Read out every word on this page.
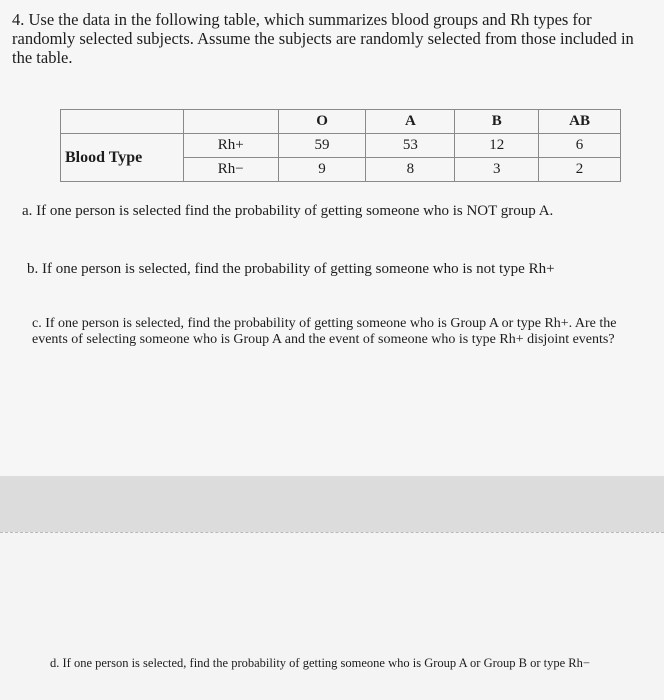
4. Use the data in the following table, which summarizes blood groups and Rh types for randomly selected subjects. Assume the subjects are randomly selected from those included in the table.
		O	A	B	AB
Blood Type	Rh+	59	53	12	6
	Rh−	9	8	3	2
a. If one person is selected find the probability of getting someone who is NOT group A.
b. If one person is selected, find the probability of getting someone who is not type Rh+
c. If one person is selected, find the probability of getting someone who is Group A or type Rh+. Are the events of selecting someone who is Group A and the event of someone who is type Rh+ disjoint events?
d. If one person is selected, find the probability of getting someone who is Group A or Group B or type Rh−
